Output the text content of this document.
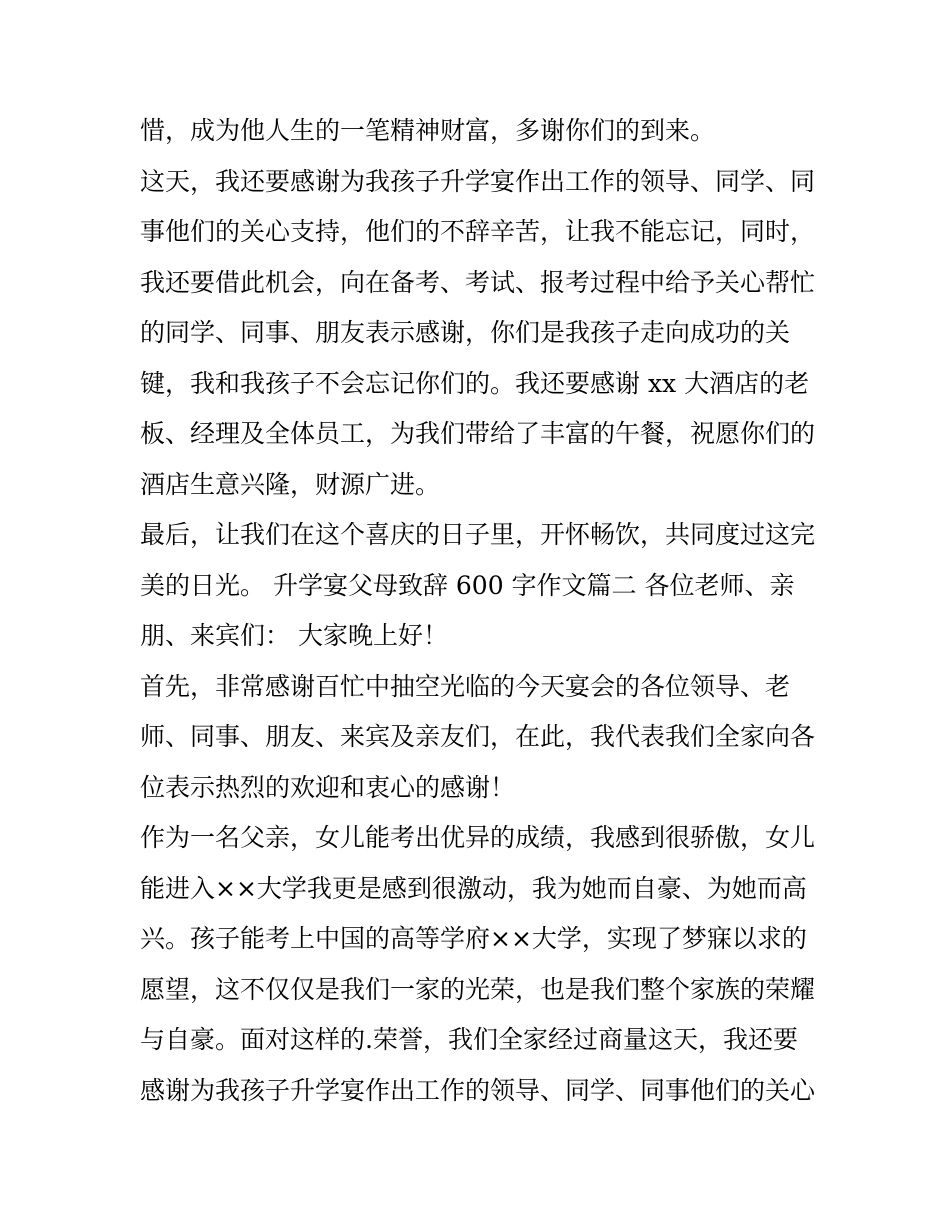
惜，成为他人生的一笔精神财富，多谢你们的到来。
这天，我还要感谢为我孩子升学宴作出工作的领导、同学、同
事他们的关心支持，他们的不辞辛苦，让我不能忘记，同时，
我还要借此机会，向在备考、考试、报考过程中给予关心帮忙
的同学、同事、朋友表示感谢，你们是我孩子走向成功的关
键，我和我孩子不会忘记你们的。我还要感谢 xx 大酒店的老
板、经理及全体员工，为我们带给了丰富的午餐，祝愿你们的
酒店生意兴隆，财源广进。
最后，让我们在这个喜庆的日子里，开怀畅饮，共同度过这完
美的日光。 升学宴父母致辞 600 字作文篇二 各位老师、亲
朋、来宾们： 大家晚上好！
首先，非常感谢百忙中抽空光临的今天宴会的各位领导、老
师、同事、朋友、来宾及亲友们，在此，我代表我们全家向各
位表示热烈的欢迎和衷心的感谢！
作为一名父亲，女儿能考出优异的成绩，我感到很骄傲，女儿
能进入××大学我更是感到很激动，我为她而自豪、为她而高
兴。孩子能考上中国的高等学府××大学，实现了梦寐以求的
愿望，这不仅仅是我们一家的光荣，也是我们整个家族的荣耀
与自豪。面对这样的.荣誉，我们全家经过商量这天，我还要
感谢为我孩子升学宴作出工作的领导、同学、同事他们的关心
